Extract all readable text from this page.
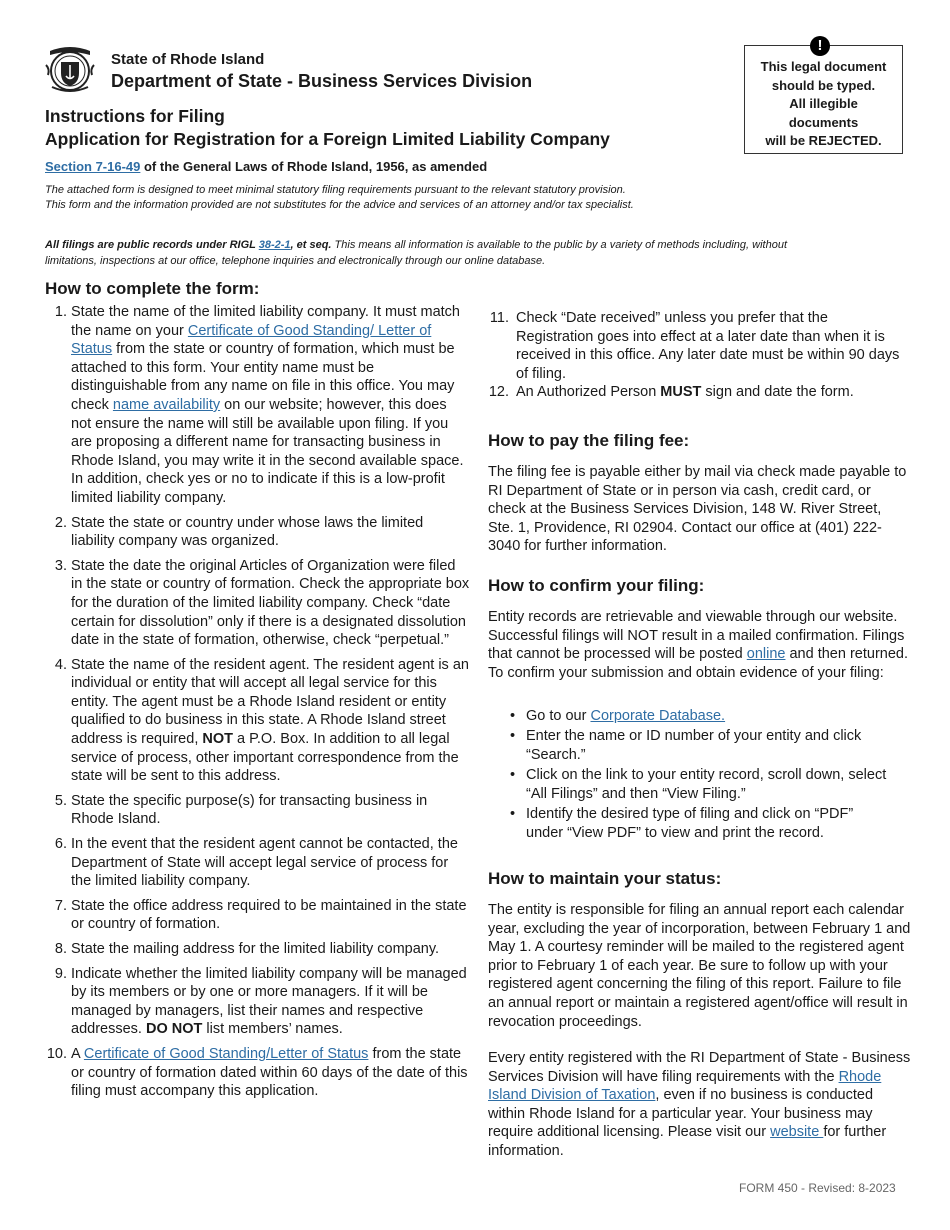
State of Rhode Island
Department of State - Business Services Division
This legal document
should be typed.
All illegible
documents
will be REJECTED.
!
Instructions for Filing
Application for Registration for a Foreign Limited Liability Company
Section 7-16-49 of the General Laws of Rhode Island, 1956, as amended
The attached form is designed to meet minimal statutory filing requirements pursuant to the relevant statutory provision.
This form and the information provided are not substitutes for the advice and services of an attorney and/or tax specialist.
All filings are public records under RIGL 38-2-1, et seq. This means all information is available to the public by a variety of methods including, without limitations, inspections at our office, telephone inquiries and electronically through our online database.
How to complete the form:
1. State the name of the limited liability company. It must match the name on your Certificate of Good Standing/ Letter of Status from the state or country of formation, which must be attached to this form. Your entity name must be distinguishable from any name on file in this office. You may check name availability on our website; however, this does not ensure the name will still be available upon filing. If you are proposing a different name for transacting business in Rhode Island, you may write it in the second available space. In addition, check yes or no to indicate if this is a low-profit limited liability company.
2. State the state or country under whose laws the limited liability company was organized.
3. State the date the original Articles of Organization were filed in the state or country of formation. Check the appropriate box for the duration of the limited liability company. Check “date certain for dissolution” only if there is a designated dissolution date in the state of formation, otherwise, check “perpetual.”
4. State the name of the resident agent. The resident agent is an individual or entity that will accept all legal service for this entity. The agent must be a Rhode Island resident or entity qualified to do business in this state. A Rhode Island street address is required, NOT a P.O. Box. In addition to all legal service of process, other important correspondence from the state will be sent to this address.
5. State the specific purpose(s) for transacting business in Rhode Island.
6. In the event that the resident agent cannot be contacted, the Department of State will accept legal service of process for the limited liability company.
7. State the office address required to be maintained in the state or country of formation.
8. State the mailing address for the limited liability company.
9. Indicate whether the limited liability company will be managed by its members or by one or more managers. If it will be managed by managers, list their names and respective addresses. DO NOT list members’ names.
10. A Certificate of Good Standing/Letter of Status from the state or country of formation dated within 60 days of the date of this filing must accompany this application.
11. Check “Date received” unless you prefer that the Registration goes into effect at a later date than when it is received in this office. Any later date must be within 90 days of filing.
12. An Authorized Person MUST sign and date the form.
How to pay the filing fee:
The filing fee is payable either by mail via check made payable to RI Department of State or in person via cash, credit card, or check at the Business Services Division, 148 W. River Street, Ste. 1, Providence, RI 02904. Contact our office at (401) 222-3040 for further information.
How to confirm your filing:
Entity records are retrievable and viewable through our website. Successful filings will NOT result in a mailed confirmation. Filings that cannot be processed will be posted online and then returned. To confirm your submission and obtain evidence of your filing:
• Go to our Corporate Database.
• Enter the name or ID number of your entity and click “Search.”
• Click on the link to your entity record, scroll down, select “All Filings” and then “View Filing.”
• Identify the desired type of filing and click on “PDF” under “View PDF” to view and print the record.
How to maintain your status:
The entity is responsible for filing an annual report each calendar year, excluding the year of incorporation, between February 1 and May 1. A courtesy reminder will be mailed to the registered agent prior to February 1 of each year. Be sure to follow up with your registered agent concerning the filing of this report. Failure to file an annual report or maintain a registered agent/office will result in revocation proceedings.
Every entity registered with the RI Department of State - Business Services Division will have filing requirements with the Rhode Island Division of Taxation, even if no business is conducted within Rhode Island for a particular year. Your business may require additional licensing. Please visit our website for further information.
FORM 450 - Revised: 8-2023
